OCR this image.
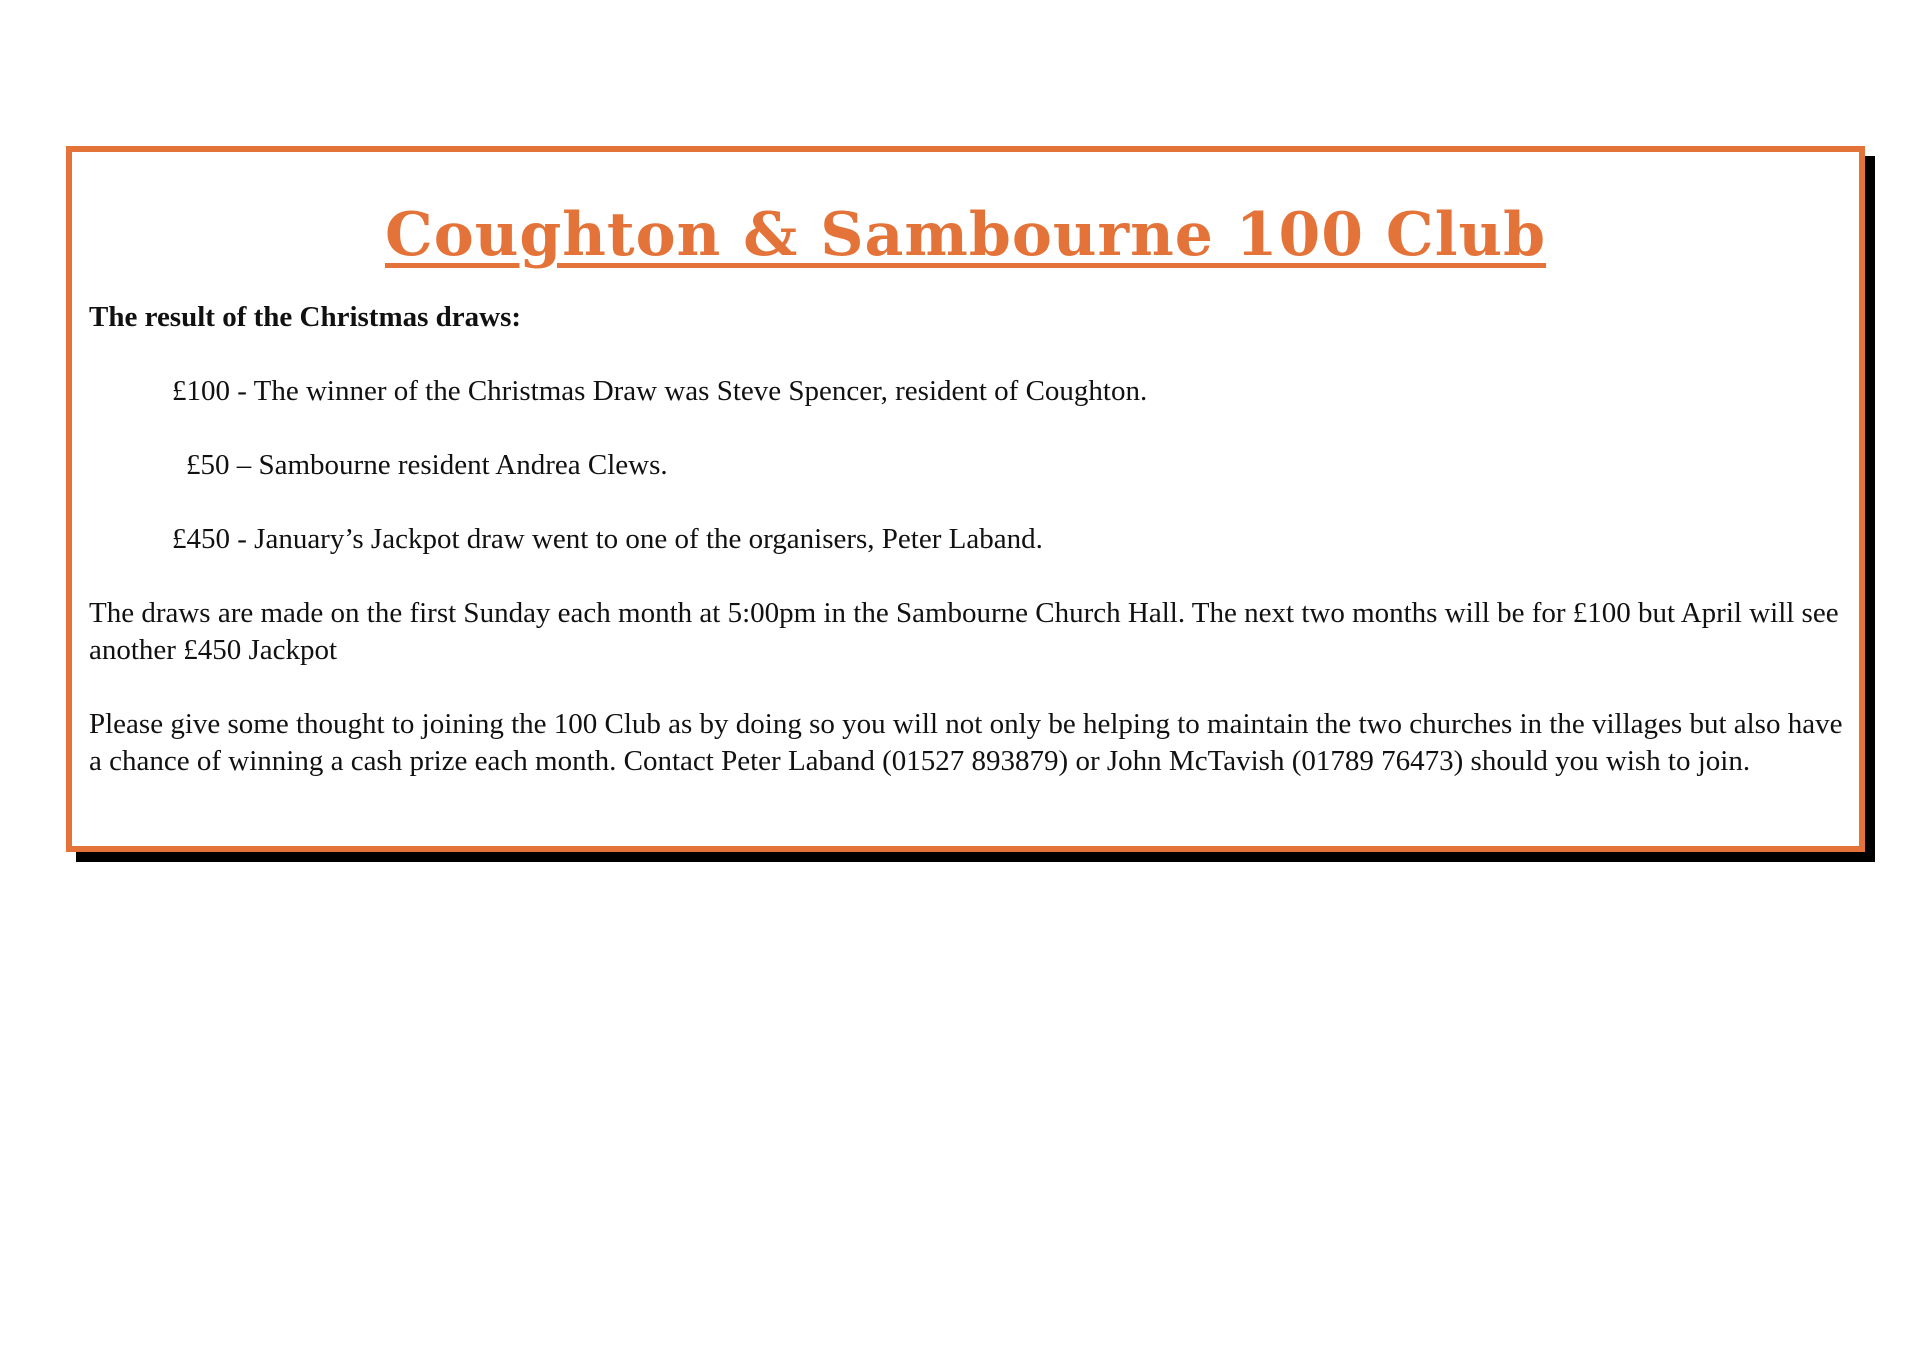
Coughton & Sambourne 100 Club

The result of the Christmas draws:

£100 - The winner of the Christmas Draw was Steve Spencer, resident of Coughton.

£50 – Sambourne resident Andrea Clews.

£450 - January’s Jackpot draw went to one of the organisers, Peter Laband.

The draws are made on the first Sunday each month at 5:00pm in the Sambourne Church Hall. The next two months will be for £100 but April will see another £450 Jackpot

Please give some thought to joining the 100 Club as by doing so you will not only be helping to maintain the two churches in the villages but also have a chance of winning a cash prize each month. Contact Peter Laband (01527 893879) or John McTavish (01789 76473) should you wish to join.
